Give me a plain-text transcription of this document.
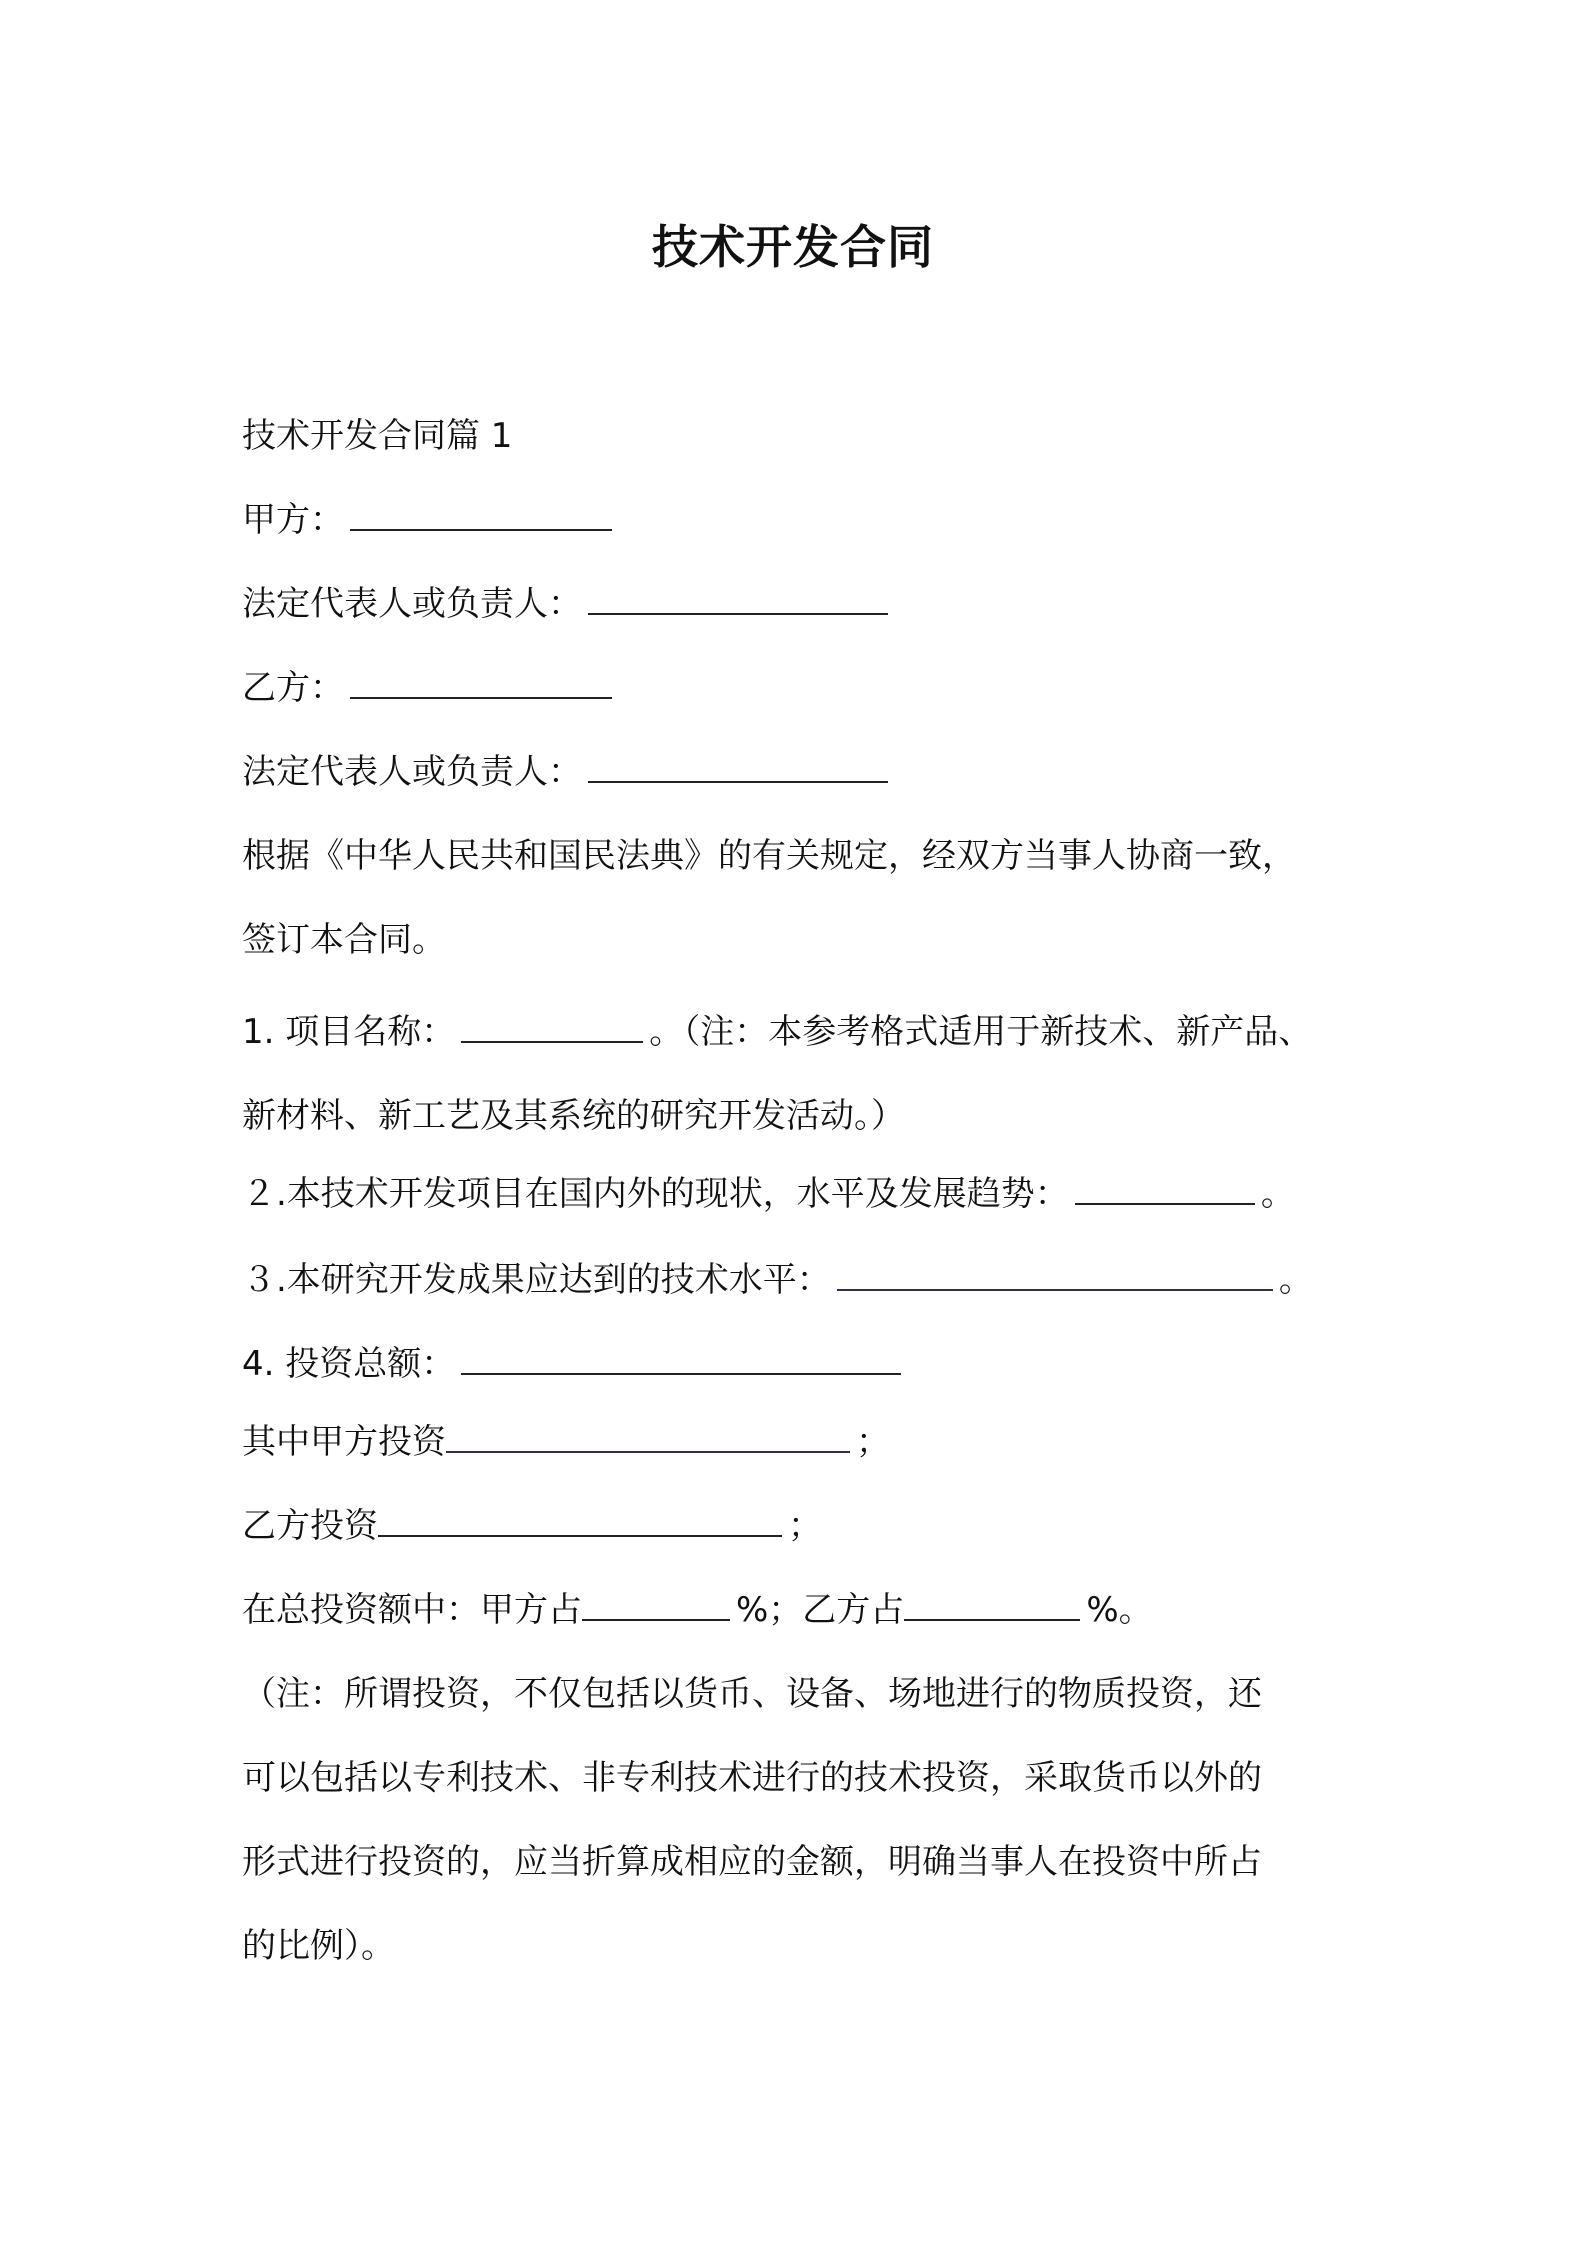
技术开发合同
技术开发合同篇 1
甲方：
法定代表人或负责人：
乙方：
法定代表人或负责人：
根据《中华人民共和国民法典》的有关规定，经双方当事人协商一致，
签订本合同。
1. 项目名称：	。（注：本参考格式适用于新技术、新产品、
新材料、新工艺及其系统的研究开发活动。）
２.本技术开发项目在国内外的现状，水平及发展趋势：	。
３.本研究开发成果应达到的技术水平：	。
4. 投资总额：
其中甲方投资	；
乙方投资	；
在总投资额中：甲方占	%；乙方占	%。
（注：所谓投资，不仅包括以货币、设备、场地进行的物质投资，还
可以包括以专利技术、非专利技术进行的技术投资，采取货币以外的
形式进行投资的，应当折算成相应的金额，明确当事人在投资中所占
的比例）。
